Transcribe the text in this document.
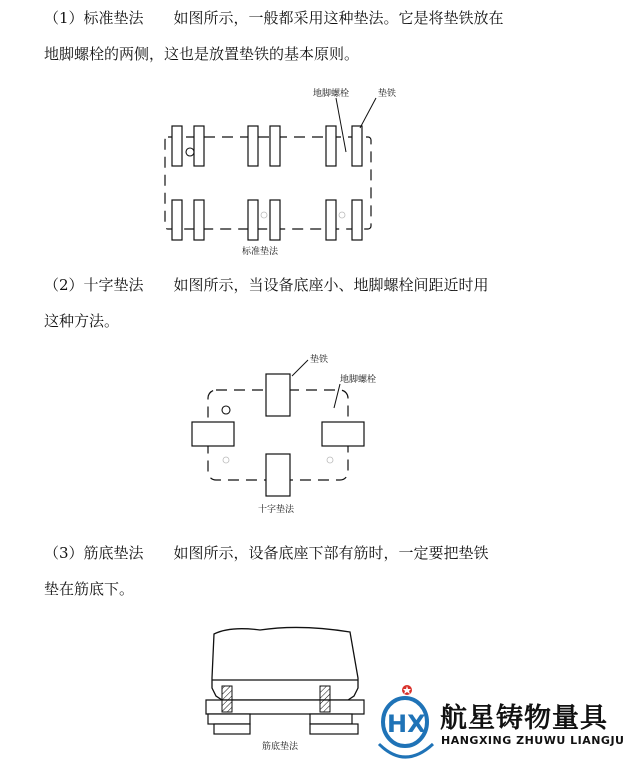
（1）标准垫法　　如图所示，一般都采用这种垫法。它是将垫铁放在

地脚螺栓的两侧，这也是放置垫铁的基本原则。

地脚螺栓	垫铁
标准垫法

（2）十字垫法　　如图所示，当设备底座小、地脚螺栓间距近时用

这种方法。

垫铁
地脚螺栓
十字垫法

（3）筋底垫法　　如图所示，设备底座下部有筋时，一定要把垫铁

垫在筋底下。

筋底垫法
HX 航星铸物量具
HANGXING ZHUWU LIANGJU
